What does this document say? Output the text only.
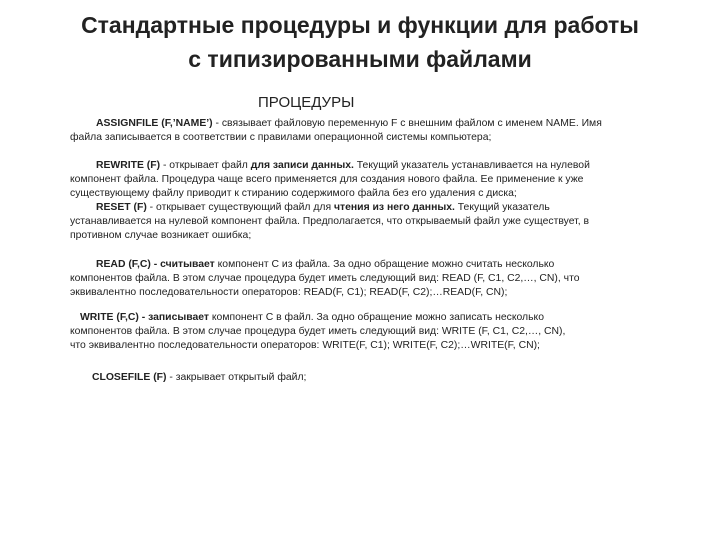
Стандартные процедуры и функции для работы
с типизированными файлами
ПРОЦЕДУРЫ
ASSIGNFILE (F,’NAME’) - связывает файловую переменную F с внешним файлом с именем NAME. Имя
файла записывается в соответствии с правилами операционной системы компьютера;
REWRITE (F) - открывает файл для записи данных. Текущий указатель устанавливается на нулевой
компонент файла. Процедура чаще всего применяется для создания нового файла. Ее применение к уже
существующему файлу приводит к стиранию содержимого файла без его удаления с диска;
RESET (F) - открывает существующий файл для чтения из него данных. Текущий указатель
устанавливается на нулевой компонент файла. Предполагается, что открываемый файл уже существует, в
противном случае возникает ошибка;
READ (F,C) - считывает компонент С из файла. За одно обращение можно считать несколько
компонентов файла. В этом случае процедура будет иметь следующий вид: READ (F, C1, C2,…, CN), что
эквивалентно последовательности операторов: READ(F, C1); READ(F, C2);…READ(F, CN);
WRITE (F,C) - записывает компонент С в файл. За одно обращение можно записать несколько
компонентов файла. В этом случае процедура будет иметь следующий вид: WRITE (F, C1, C2,…, CN),
что эквивалентно последовательности операторов: WRITE(F, C1); WRITE(F, C2);…WRITE(F, CN);
CLOSEFILE (F) - закрывает открытый файл;
